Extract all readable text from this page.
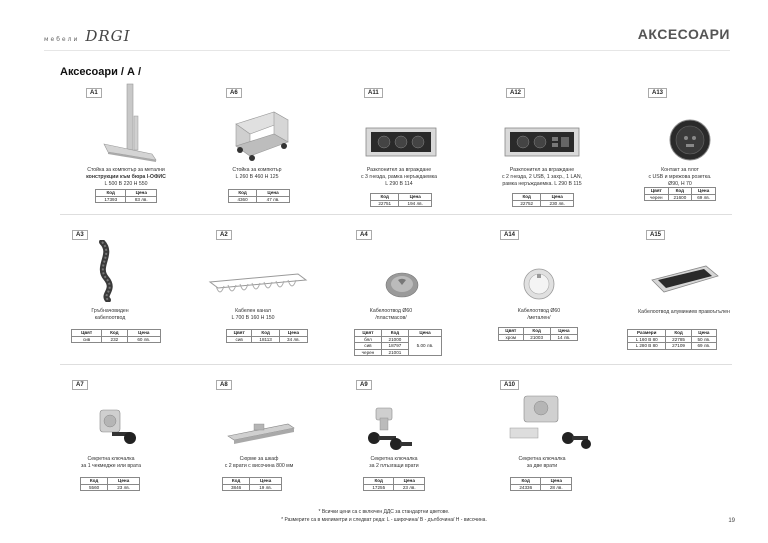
мебели DRGI	АКСЕСОАРИ
Аксесоари / А /
A1
Стойка за компютър за метални
конструкции към бюра I-ОФИС
L 500 B 220 H 550
Код	Цена
17393	83 лв.
A6
Стойка за компютър
L 260 B 460 H 125
Код	Цена
4360	47 лв.
A11
Разклонител за вграждане
с 3 гнезда, рамка неръждаемка
L 290 B 114
Код	Цена
22751	194 лв.
A12
Разклонител за вграждане
с 2 гнезда, 2 USB, 1 захр., 1 LAN,
рамка неръждаемка. L 290 B 115
Код	Цена
22752	230 лв.
A13
Контакт за плот
с USB и мрежова розетка.
Ø90, H 70
Цвят	Код	Цена
черен	21600	69 лв.
A3
Гръбначовиден
кабелоотвод
Цвят	Код	Цена
сив	232	60 лв.
A2
Кабелен канал
L 700 B 160 H 150
Цвят	Код	Цена
сив	18113	34 лв.
A4
Кабелоотвод Ø60
/пластмасов/
Цвят	Код	Цена
бял	21000	5.00 лв.
сив	18797	
черен	21001	
A14
Кабелоотвод Ø60
/метален/
Цвят	Код	Цена
хром	21003	14 лв.
A15
Кабелоотвод алуминиев правоъгълен
Размери	Код	Цена
L 160 B 80	22785	50 лв.
L 280 B 80	27109	69 лв.
A7
Секретна ключалка
за 1 чекмедже или врата
Код	Цена
5560	23 лв.
A8
Сюрме за шкаф
с 2 врати с височина 800 мм
Код	Цена
3846	19 лв.
A9
Секретна ключалка
за 2 плъзгащи врати
Код	Цена
17255	23 лв.
A10
Секретна ключалка
за две врати
Код	Цена
24336	28 лв.
* Всички цени са с включен ДДС за стандартни цветове.
* Размерите са в милиметри и следват реда: L - широчина/ B - дълбочина/ H - височина.	19
